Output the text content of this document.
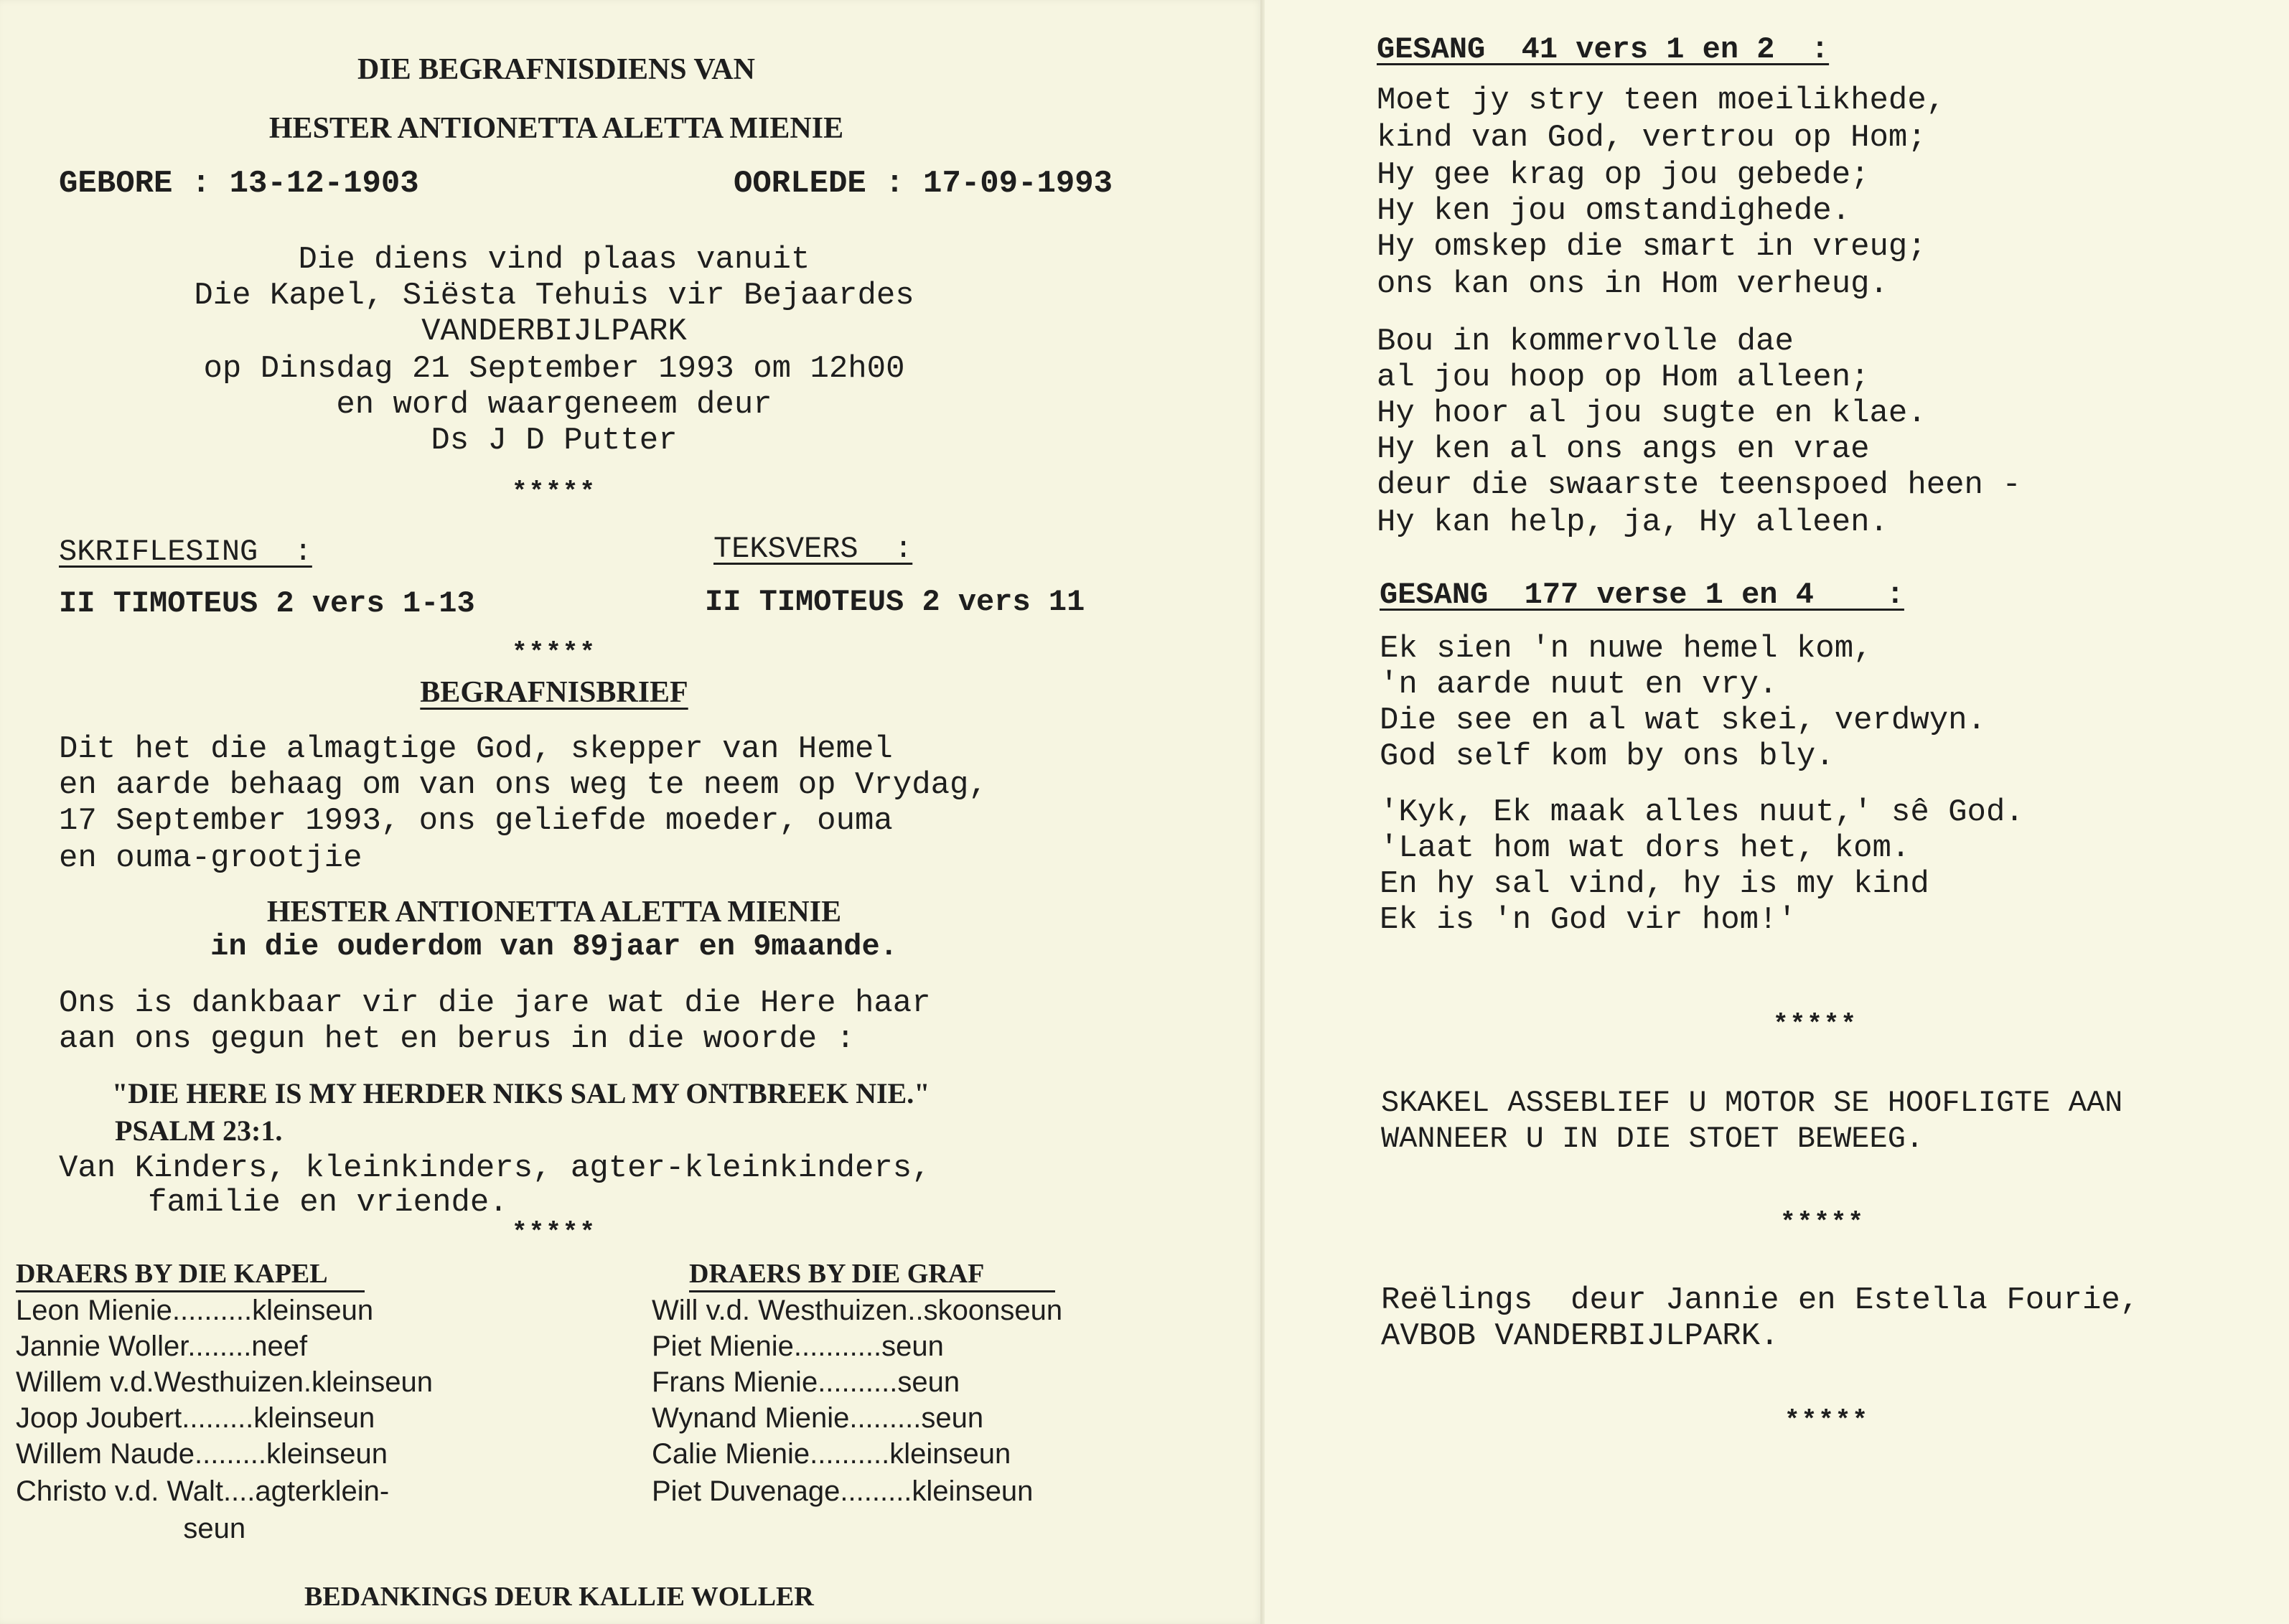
DIE BEGRAFNISDIENS VAN
HESTER ANTIONETTA ALETTA MIENIE
GEBORE : 13-12-1903	OORLEDE : 17-09-1993
Die diens vind plaas vanuit
Die Kapel, Siësta Tehuis vir Bejaardes
VANDERBIJLPARK
op Dinsdag 21 September 1993 om 12h00
en word waargeneem deur
Ds J D Putter
*****
SKRIFLESING  :	TEKSVERS  :
II TIMOTEUS 2 vers 1-13	II TIMOTEUS 2 vers 11
*****
BEGRAFNISBRIEF
Dit het die almagtige God, skepper van Hemel
en aarde behaag om van ons weg te neem op Vrydag,
17 September 1993, ons geliefde moeder, ouma
en ouma-grootjie
HESTER ANTIONETTA ALETTA MIENIE
in die ouderdom van 89jaar en 9maande.
Ons is dankbaar vir die jare wat die Here haar
aan ons gegun het en berus in die woorde :
"DIE HERE IS MY HERDER NIKS SAL MY ONTBREEK NIE."
PSALM 23:1.
Van Kinders, kleinkinders, agter-kleinkinders,
familie en vriende.
*****
DRAERS BY DIE KAPEL
Leon Mienie..........kleinseun
Jannie Woller........neef
Willem v.d.Westhuizen.kleinseun
Joop Joubert.........kleinseun
Willem Naude.........kleinseun
Christo v.d. Walt....agterklein-
seun
DRAERS BY DIE GRAF
Will v.d. Westhuizen..skoonseun
Piet Mienie...........seun
Frans Mienie..........seun
Wynand Mienie.........seun
Calie Mienie..........kleinseun
Piet Duvenage.........kleinseun
BEDANKINGS DEUR KALLIE WOLLER
GESANG  41 vers 1 en 2  :
Moet jy stry teen moeilikhede,
kind van God, vertrou op Hom;
Hy gee krag op jou gebede;
Hy ken jou omstandighede.
Hy omskep die smart in vreug;
ons kan ons in Hom verheug.
Bou in kommervolle dae
al jou hoop op Hom alleen;
Hy hoor al jou sugte en klae.
Hy ken al ons angs en vrae
deur die swaarste teenspoed heen -
Hy kan help, ja, Hy alleen.
GESANG  177 verse 1 en 4    :
Ek sien 'n nuwe hemel kom,
'n aarde nuut en vry.
Die see en al wat skei, verdwyn.
God self kom by ons bly.
'Kyk, Ek maak alles nuut,' sê God.
'Laat hom wat dors het, kom.
En hy sal vind, hy is my kind
Ek is 'n God vir hom!'
*****
SKAKEL ASSEBLIEF U MOTOR SE HOOFLIGTE AAN
WANNEER U IN DIE STOET BEWEEG.
*****
Reëlings  deur Jannie en Estella Fourie,
AVBOB VANDERBIJLPARK.
*****
